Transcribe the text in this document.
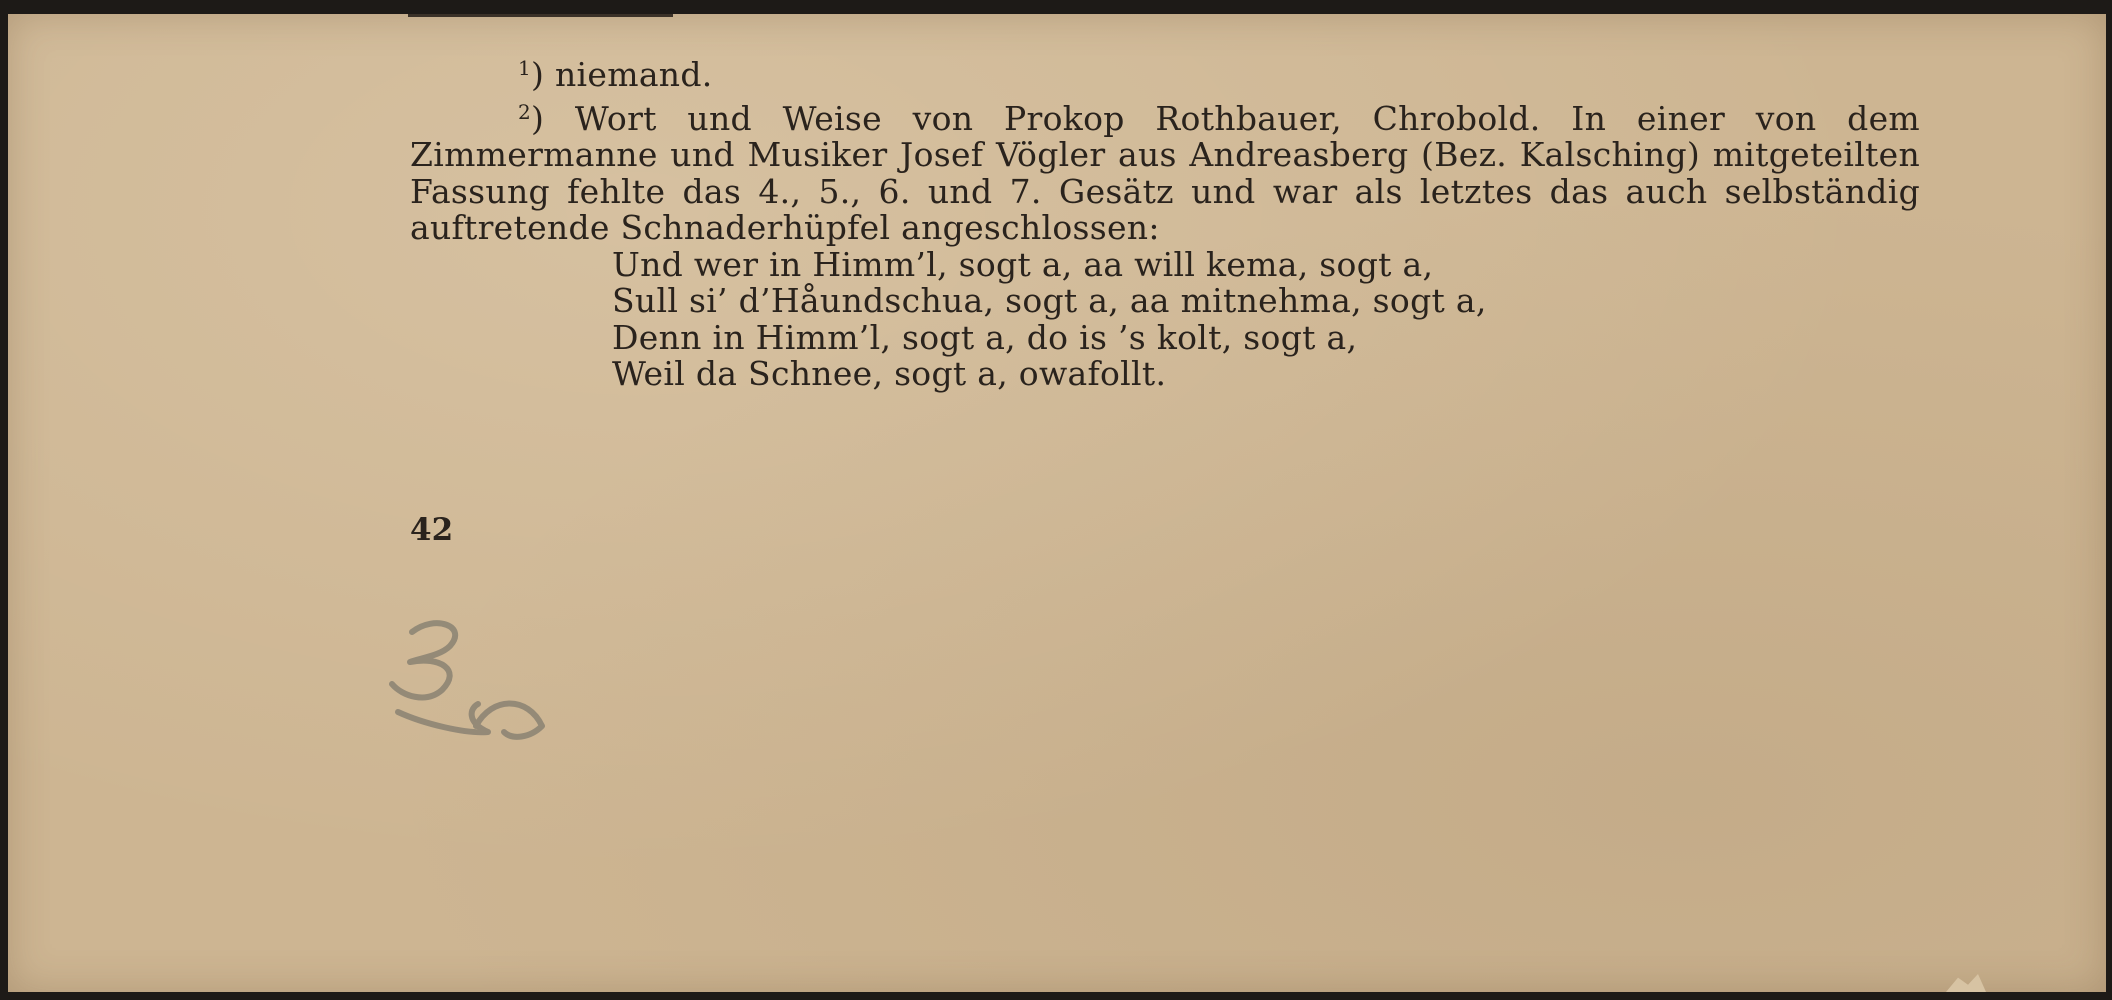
$^1$) niemand.

$^2$) Wort und Weise von Prokop Rothbauer, Chrobold. In einer von dem Zimmermanne und Musiker Josef Vögler aus Andreasberg (Bez. Kalsching) mitgeteilten Fassung fehlte das 4., 5., 6. und 7. Gesätz und war als letztes das auch selbständig auftretende Schnaderhüpfel angeschlossen:

Und wer in Himm’l, sogt a, aa will kema, sogt a,
Sull si’ d’Håundschua, sogt a, aa mitnehma, sogt a,
Denn in Himm’l, sogt a, do is ’s kolt, sogt a,
Weil da Schnee, sogt a, owafollt.
42
